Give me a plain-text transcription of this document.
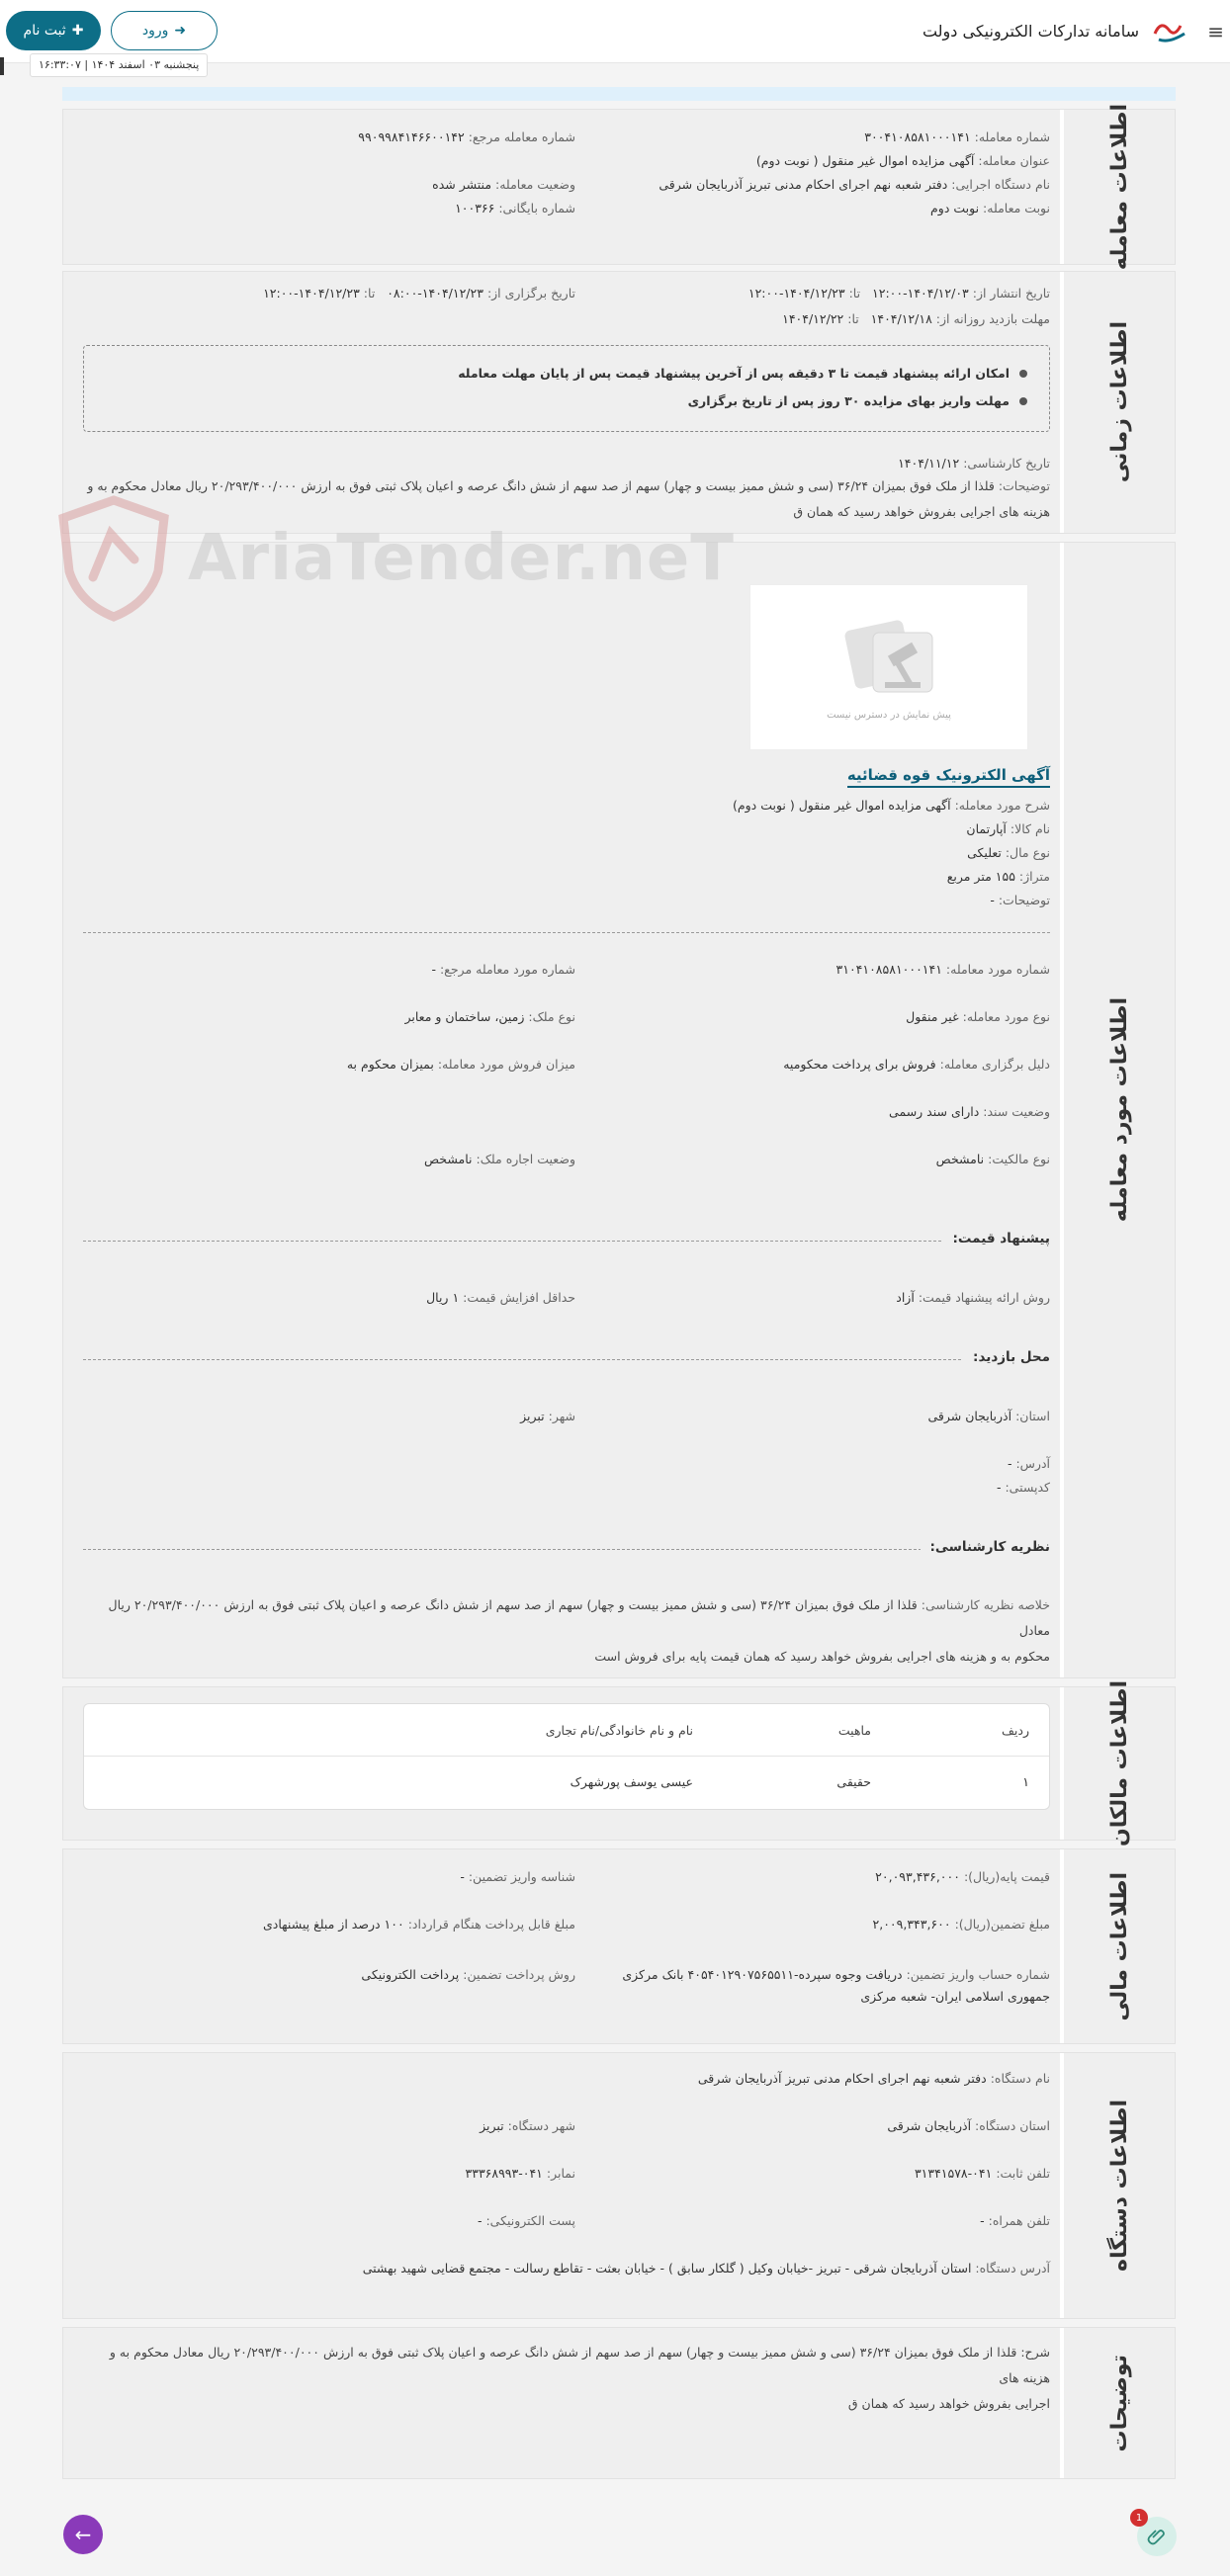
≡
سامانه تدارکات الکترونیکی دولت
ثبت نام ✚	ورود ➜
پنجشنبه ۰۳ اسفند ۱۴۰۴ | ۱۶:۳۳:۰۷
اطلاعات معامله
شماره معامله: ۳۰۰۴۱۰۸۵۸۱۰۰۰۱۴۱
شماره معامله مرجع: ۹۹۰۹۹۸۴۱۴۶۶۰۰۱۴۲
عنوان معامله: آگهی مزایده اموال غیر منقول ( نوبت دوم)
نام دستگاه اجرایی: دفتر شعبه نهم اجرای احکام مدنی تبریز آذربایجان شرقی
وضعیت معامله: منتشر شده
نوبت معامله: نوبت دوم
شماره بایگانی: ۱۰۰۳۶۶
اطلاعات زمانی
تاریخ انتشار از: ۱۴۰۴/۱۲/۰۳-۱۲:۰۰   تا: ۱۴۰۴/۱۲/۲۳-۱۲:۰۰
تاریخ برگزاری از: ۱۴۰۴/۱۲/۲۳-۰۸:۰۰   تا: ۱۴۰۴/۱۲/۲۳-۱۲:۰۰
مهلت بازدید روزانه از: ۱۴۰۴/۱۲/۱۸   تا: ۱۴۰۴/۱۲/۲۲
امکان ارائه پیشنهاد قیمت تا ۳ دقیقه پس از آخرین پیشنهاد قیمت پس از پایان مهلت معامله
مهلت واریز بهای مزایده ۳۰ روز پس از تاریخ برگزاری
تاریخ کارشناسی: ۱۴۰۴/۱۱/۱۲
توضیحات: قلذا از ملک فوق بمیزان ۳۶/۲۴ (سی و شش ممیز بیست و چهار) سهم از صد سهم از شش دانگ عرصه و اعیان پلاک ثبتی فوق به ارزش ۲۰/۲۹۳/۴۰۰/۰۰۰ ریال معادل محکوم به و
هزینه های اجرایی بفروش خواهد رسید که همان ق
اطلاعات مورد معامله
پیش نمایش در دسترس نیست
آگهی الکترونیک قوه قضائیه
شرح مورد معامله: آگهی مزایده اموال غیر منقول ( نوبت دوم)
نام کالا: آپارتمان
نوع مال: تعلیکی
متراژ: ۱۵۵ متر مربع
توضیحات: -
شماره مورد معامله: ۳۱۰۴۱۰۸۵۸۱۰۰۰۱۴۱
شماره مورد معامله مرجع: -
نوع مورد معامله: غیر منقول
نوع ملک: زمین، ساختمان و معابر
دلیل برگزاری معامله: فروش برای پرداخت محکومیه
میزان فروش مورد معامله: بمیزان محکوم به
وضعیت سند: دارای سند رسمی
نوع مالکیت: نامشخص
وضعیت اجاره ملک: نامشخص
پیشنهاد قیمت:
روش ارائه پیشنهاد قیمت: آزاد
حداقل افزایش قیمت: ۱ ریال
محل بازدید:
استان: آذربایجان شرقی
شهر: تبریز
آدرس: -
کدپستی: -
نظریه کارشناسی:
خلاصه نظریه کارشناسی: قلذا از ملک فوق بمیزان ۳۶/۲۴ (سی و شش ممیز بیست و چهار) سهم از صد سهم از شش دانگ عرصه و اعیان پلاک ثبتی فوق به ارزش ۲۰/۲۹۳/۴۰۰/۰۰۰ ریال معادل
محکوم به و هزینه های اجرایی بفروش خواهد رسید که همان قیمت پایه برای فروش است
AriaTender.neT
اطلاعات مالکان
ردیف
ماهیت
نام و نام خانوادگی/نام تجاری
۱
حقیقی
عیسی یوسف پورشهرک
اطلاعات مالی
قیمت پایه(ریال): ۲۰,۰۹۳,۴۳۶,۰۰۰
شناسه واریز تضمین: -
مبلغ تضمین(ریال): ۲,۰۰۹,۳۴۳,۶۰۰
مبلغ قابل پرداخت هنگام قرارداد: ۱۰۰ درصد از مبلغ پیشنهادی
شماره حساب واریز تضمین: دریافت وجوه سپرده-۴۰۵۴۰۱۲۹۰۷۵۶۵۵۱۱ بانک مرکزی
جمهوری اسلامی ایران- شعبه مرکزی
روش پرداخت تضمین: پرداخت الکترونیکی
اطلاعات دستگاه
نام دستگاه: دفتر شعبه نهم اجرای احکام مدنی تبریز آذربایجان شرقی
استان دستگاه: آذربایجان شرقی
شهر دستگاه: تبریز
تلفن ثابت: ۰۴۱-۳۱۳۴۱۵۷۸
نمابر: ۰۴۱-۳۳۳۶۸۹۹۳
تلفن همراه: -
پست الکترونیکی: -
آدرس دستگاه: استان آذربایجان شرقی - تبریز -خیابان وکیل ( گلکار سابق ) - خیابان بعثت - تقاطع رسالت - مجتمع قضایی شهید بهشتی
توضیحات
شرح: قلذا از ملک فوق بمیزان ۳۶/۲۴ (سی و شش ممیز بیست و چهار) سهم از صد سهم از شش دانگ عرصه و اعیان پلاک ثبتی فوق به ارزش ۲۰/۲۹۳/۴۰۰/۰۰۰ ریال معادل محکوم به و هزینه های
اجرایی بفروش خواهد رسید که همان ق
←
1
